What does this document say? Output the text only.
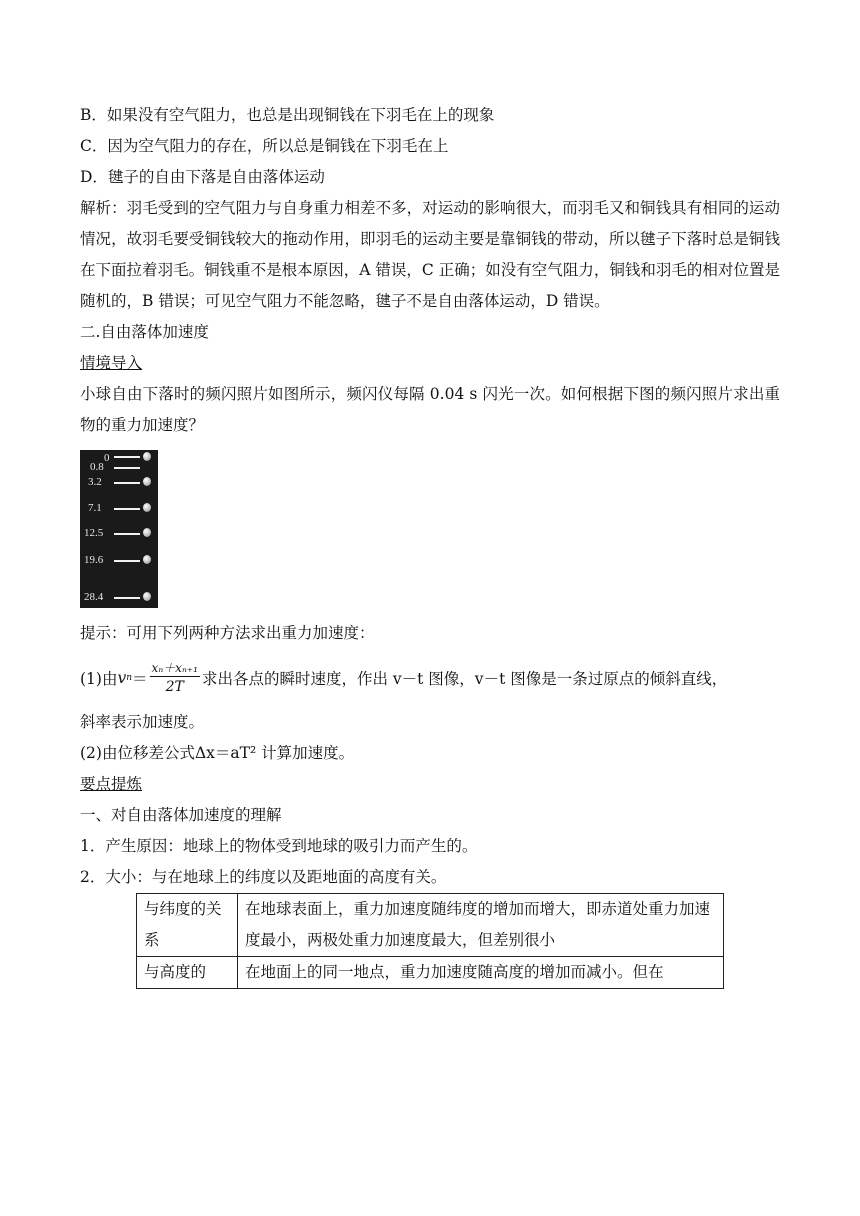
B．如果没有空气阻力，也总是出现铜钱在下羽毛在上的现象
C．因为空气阻力的存在，所以总是铜钱在下羽毛在上
D．毽子的自由下落是自由落体运动
解析：羽毛受到的空气阻力与自身重力相差不多，对运动的影响很大，而羽毛又和铜钱具有相同的运动情况，故羽毛要受铜钱较大的拖动作用，即羽毛的运动主要是靠铜钱的带动，所以毽子下落时总是铜钱在下面拉着羽毛。铜钱重不是根本原因，A 错误，C 正确；如没有空气阻力，铜钱和羽毛的相对位置是随机的，B 错误；可见空气阻力不能忽略，毽子不是自由落体运动，D 错误。
二.自由落体加速度
情境导入
小球自由下落时的频闪照片如图所示，频闪仪每隔 0.04 s 闪光一次。如何根据下图的频闪照片求出重物的重力加速度？
0
0.8
3.2
7.1
12.5
19.6
28.4
提示：可用下列两种方法求出重力加速度：
(1)由 v $n = \frac{\text{xₙ＋xₙ₊₁}}{2T}$ 求出各点的瞬时速度，作出 v－t 图像，v－t 图像是一条过原点的倾斜直线，
斜率表示加速度。
(2)由位移差公式Δx＝aT² 计算加速度。
要点提炼
一、对自由落体加速度的理解
1．产生原因：地球上的物体受到地球的吸引力而产生的。
2．大小：与在地球上的纬度以及距地面的高度有关。
与纬度的关系	在地球表面上，重力加速度随纬度的增加而增大，即赤道处重力加速度最小，两极处重力加速度最大，但差别很小
与高度的	在地面上的同一地点，重力加速度随高度的增加而减小。但在
